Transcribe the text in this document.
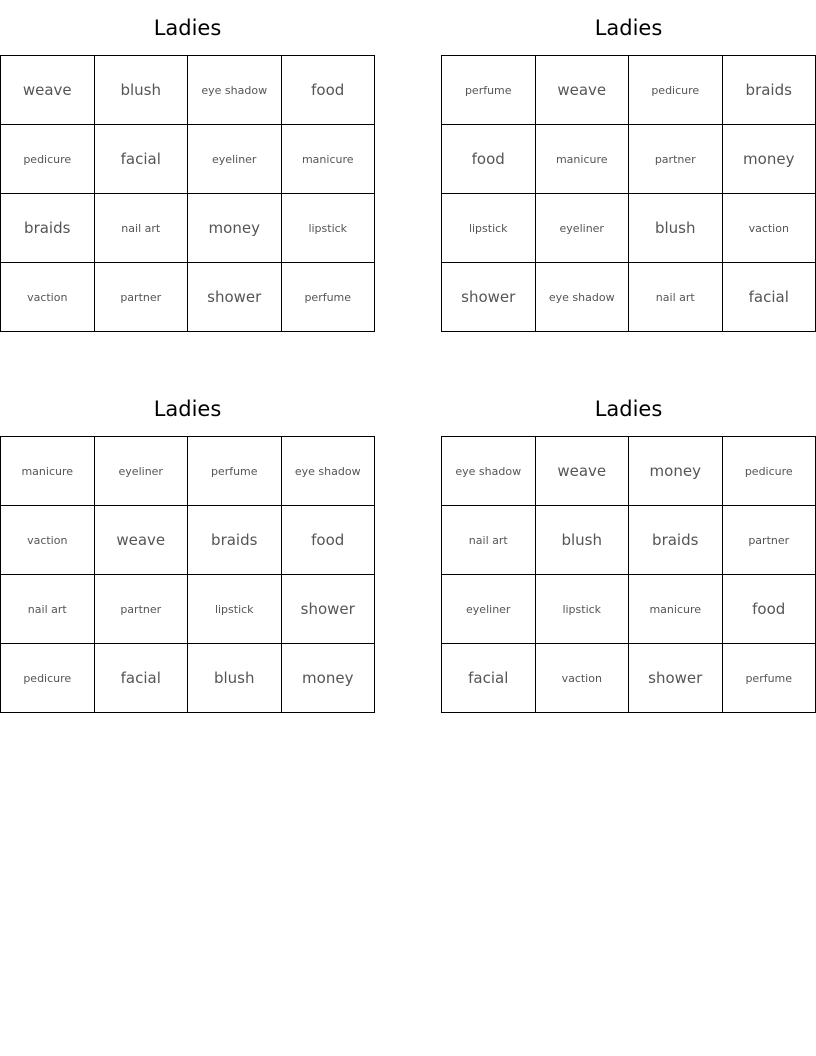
Ladies
weave	blush	eye shadow	food
pedicure	facial	eyeliner	manicure
braids	nail art	money	lipstick
vaction	partner	shower	perfume
Ladies
perfume	weave	pedicure	braids
food	manicure	partner	money
lipstick	eyeliner	blush	vaction
shower	eye shadow	nail art	facial
Ladies
manicure	eyeliner	perfume	eye shadow
vaction	weave	braids	food
nail art	partner	lipstick	shower
pedicure	facial	blush	money
Ladies
eye shadow	weave	money	pedicure
nail art	blush	braids	partner
eyeliner	lipstick	manicure	food
facial	vaction	shower	perfume
